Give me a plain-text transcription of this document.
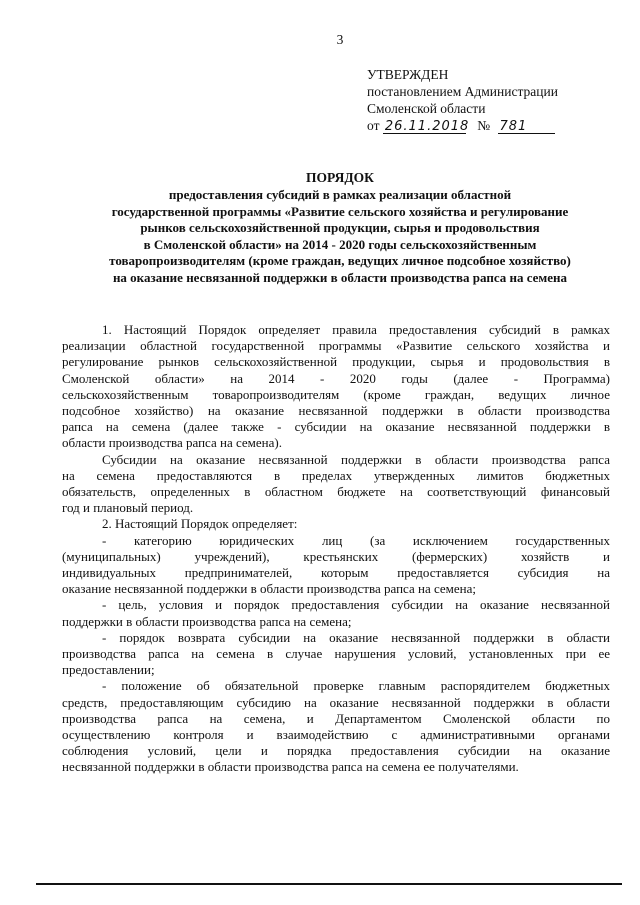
3
УТВЕРЖДЕН
постановлением Администрации
Смоленской области
от 26.11.2018 № 781
ПОРЯДОК
предоставления субсидий в рамках реализации областной
государственной программы «Развитие сельского хозяйства и регулирование
рынков сельскохозяйственной продукции, сырья и продовольствия
в Смоленской области» на 2014 - 2020 годы сельскохозяйственным
товаропроизводителям (кроме граждан, ведущих личное подсобное хозяйство)
на оказание несвязанной поддержки в области производства рапса на семена

1. Настоящий Порядок определяет правила предоставления субсидий в рамках
реализации областной государственной программы «Развитие сельского хозяйства и
регулирование рынков сельскохозяйственной продукции, сырья и продовольствия в
Смоленской области» на 2014 - 2020 годы (далее - Программа)
сельскохозяйственным товаропроизводителям (кроме граждан, ведущих личное
подсобное хозяйство) на оказание несвязанной поддержки в области производства
рапса на семена (далее также - субсидии на оказание несвязанной поддержки в
области производства рапса на семена).

Субсидии на оказание несвязанной поддержки в области производства рапса
на семена предоставляются в пределах утвержденных лимитов бюджетных
обязательств, определенных в областном бюджете на соответствующий финансовый
год и плановый период.

2. Настоящий Порядок определяет:

- категорию юридических лиц (за исключением государственных
(муниципальных) учреждений), крестьянских (фермерских) хозяйств и
индивидуальных предпринимателей, которым предоставляется субсидия на
оказание несвязанной поддержки в области производства рапса на семена;

- цель, условия и порядок предоставления субсидии на оказание несвязанной
поддержки в области производства рапса на семена;

- порядок возврата субсидии на оказание несвязанной поддержки в области
производства рапса на семена в случае нарушения условий, установленных при ее
предоставлении;

- положение об обязательной проверке главным распорядителем бюджетных
средств, предоставляющим субсидию на оказание несвязанной поддержки в области
производства рапса на семена, и Департаментом Смоленской области по
осуществлению контроля и взаимодействию с административными органами
соблюдения условий, цели и порядка предоставления субсидии на оказание
несвязанной поддержки в области производства рапса на семена ее получателями.
